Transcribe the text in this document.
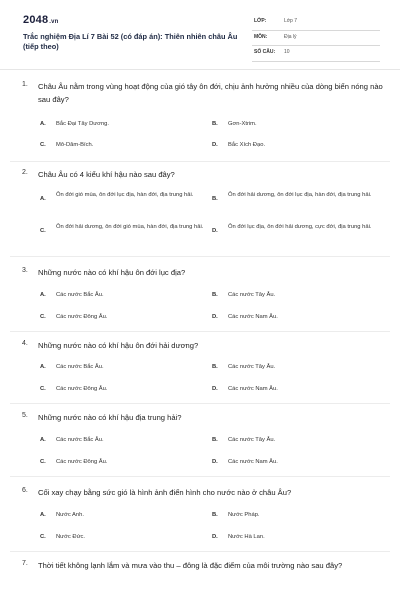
2048.vn
Trắc nghiệm Địa Lí 7 Bài 52 (có đáp án): Thiên nhiên châu Âu (tiếp theo)
LỚP:	Lớp 7
MÔN:	Địa lý
SỐ CÂU: 10
1. Châu Âu nằm trong vùng hoạt động của gió tây ôn đới, chịu ảnh hưởng nhiều của dòng biển nóng nào sau đây?
A. Bắc Đại Tây Dương.	B. Gơn-Xtrim.
C. Mô-Dăm-Bích.	D. Bắc Xích Đạo.
2. Châu Âu có 4 kiểu khí hậu nào sau đây?
A.
Ôn đới gió mùa, ôn đới lục địa, hàn đới, địa trung hải.
B.
Ôn đới hải dương, ôn đới lục địa, hàn đới, địa trung hải.
C.
Ôn đới hải dương, ôn đới gió mùa, hàn đới, địa trung hải.
D.
Ôn đới lục địa, ôn đới hải dương, cực đới, địa trung hải.
3. Những nước nào có khí hậu ôn đới lục địa?
A. Các nước Bắc Âu.	B. Các nước Tây Âu.
C. Các nước Đông Âu.	D. Các nước Nam Âu.
4. Những nước nào có khí hậu ôn đới hải dương?
A. Các nước Bắc Âu.	B. Các nước Tây Âu.
C. Các nước Đông Âu.	D. Các nước Nam Âu.
5. Những nước nào có khí hậu địa trung hải?
A. Các nước Bắc Âu.	B. Các nước Tây Âu.
C. Các nước Đông Âu.	D. Các nước Nam Âu.
6. Cối xay chạy bằng sức gió là hình ảnh điển hình cho nước nào ở châu Âu?
A. Nước Anh.	B. Nước Pháp.
C. Nước Đức.	D. Nước Hà Lan.
7. Thời tiết không lạnh lắm và mưa vào thu – đông là đặc điểm của môi trường nào sau đây?
